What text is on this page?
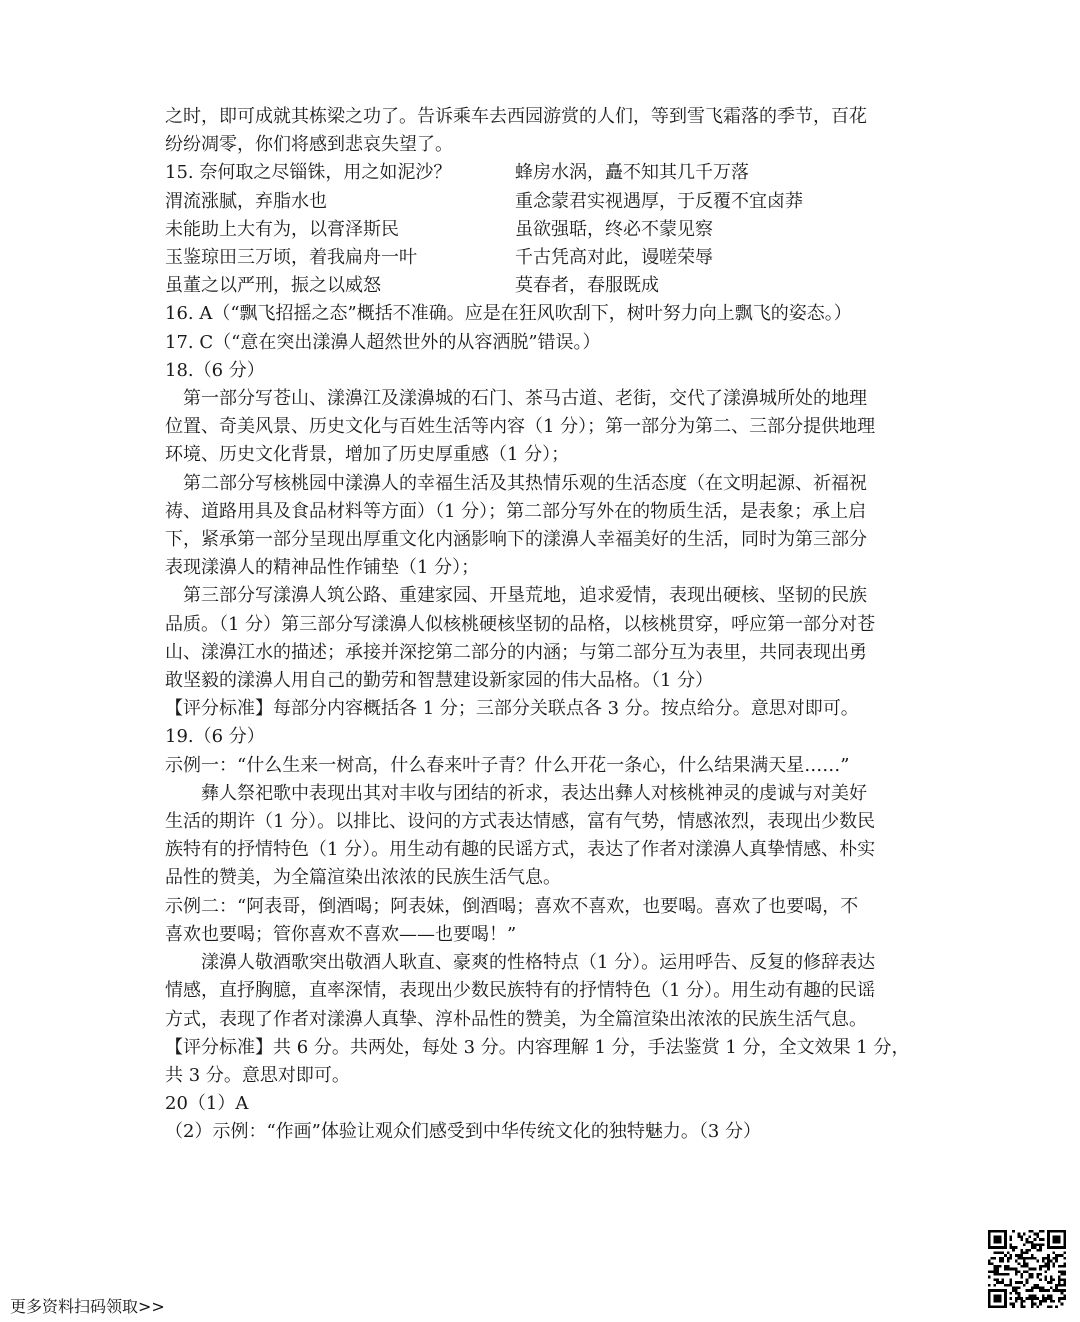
之时，即可成就其栋梁之功了。告诉乘车去西园游赏的人们，等到雪飞霜落的季节，百花

纷纷凋零，你们将感到悲哀失望了。

15. 奈何取之尽锱铢，用之如泥沙？	蜂房水涡，矗不知其几千万落
渭流涨腻，弃脂水也	重念蒙君实视遇厚，于反覆不宜卤莽
未能助上大有为，以膏泽斯民	虽欲强聒，终必不蒙见察
玉鉴琼田三万顷，着我扁舟一叶	千古凭高对此，谩嗟荣辱
虽董之以严刑，振之以威怒	莫春者，春服既成

16. A（“飘飞招摇之态”概括不准确。应是在狂风吹刮下，树叶努力向上飘飞的姿态。）

17. C（“意在突出漾濞人超然世外的从容洒脱”错误。）

18.（6 分）

第一部分写苍山、漾濞江及漾濞城的石门、茶马古道、老街，交代了漾濞城所处的地理

位置、奇美风景、历史文化与百姓生活等内容（1 分）；第一部分为第二、三部分提供地理

环境、历史文化背景，增加了历史厚重感（1 分）；

第二部分写核桃园中漾濞人的幸福生活及其热情乐观的生活态度（在文明起源、祈福祝

祷、道路用具及食品材料等方面）（1 分）；第二部分写外在的物质生活，是表象；承上启

下，紧承第一部分呈现出厚重文化内涵影响下的漾濞人幸福美好的生活，同时为第三部分

表现漾濞人的精神品性作铺垫（1 分）；

第三部分写漾濞人筑公路、重建家园、开垦荒地，追求爱情，表现出硬核、坚韧的民族

品质。（1 分）第三部分写漾濞人似核桃硬核坚韧的品格，以核桃贯穿，呼应第一部分对苍

山、漾濞江水的描述；承接并深挖第二部分的内涵；与第二部分互为表里，共同表现出勇

敢坚毅的漾濞人用自己的勤劳和智慧建设新家园的伟大品格。（1 分）

【评分标准】每部分内容概括各 1 分；三部分关联点各 3 分。按点给分。意思对即可。

19.（6 分）

示例一：“什么生来一树高，什么春来叶子青？什么开花一条心，什么结果满天星……”

彝人祭祀歌中表现出其对丰收与团结的祈求，表达出彝人对核桃神灵的虔诚与对美好

生活的期许（1 分）。以排比、设问的方式表达情感，富有气势，情感浓烈，表现出少数民

族特有的抒情特色（1 分）。用生动有趣的民谣方式，表达了作者对漾濞人真挚情感、朴实

品性的赞美，为全篇渲染出浓浓的民族生活气息。

示例二：“阿表哥，倒酒喝；阿表妹，倒酒喝；喜欢不喜欢，也要喝。喜欢了也要喝，不

喜欢也要喝；管你喜欢不喜欢——也要喝！”

漾濞人敬酒歌突出敬酒人耿直、豪爽的性格特点（1 分）。运用呼告、反复的修辞表达

情感，直抒胸臆，直率深情，表现出少数民族特有的抒情特色（1 分）。用生动有趣的民谣

方式，表现了作者对漾濞人真挚、淳朴品性的赞美，为全篇渲染出浓浓的民族生活气息。

【评分标准】共 6 分。共两处，每处 3 分。内容理解 1 分，手法鉴赏 1 分，全文效果 1 分，

共 3 分。意思对即可。

20（1）A

（2）示例：“作画”体验让观众们感受到中华传统文化的独特魅力。（3 分）

更多资料扫码领取>>
